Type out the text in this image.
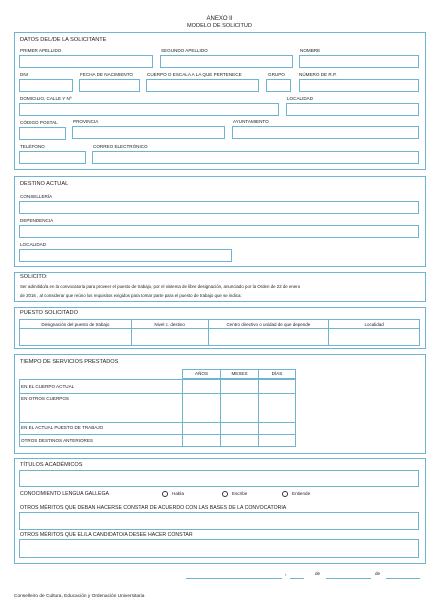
ANEXO II
MODELO DE SOLICITUD
DATOS DEL/DE LA SOLICITANTE
PRIMER APELLIDO	SEGUNDO APELLIDO	NOMBRE
DNI	FECHA DE NACIMIENTO	CUERPO O ESCALA A LA QUE PERTENECE	GRUPO	NÚMERO DE R.P.
DOMICILIO, CALLE Y Nº	LOCALIDAD
CÓDIGO POSTAL	PROVINCIA	AYUNTAMIENTO
TELÉFONO	CORREO ELECTRÓNICO
DESTINO ACTUAL
CONSELLERÍA
DEPENDENCIA
LOCALIDAD
SOLICITO:
Ser admitido/a en la convocatoria para proveer el puesto de trabajo, por el sistema de libre designación, anunciado por la Orden de 22 de enero
de 2016 , al considerar que reúno los requisitos exigidos para tomar parte para el puesto de trabajo que se indica:
PUESTO SOLICITADO
Designación del puesto de trabajo	Nivel c. destino	Centro directivo o unidad de que depende	Localidad

TIEMPO DE SERVICIOS PRESTADOS
AÑOS	MESES	DÍAS
EN EL CUERPO ACTUAL
EN OTROS CUERPOS
EN EL ACTUAL PUESTO DE TRABAJO
OTROS DESTINOS ANTERIORES
TÍTULOS ACADÉMICOS
CONOCIMIENTO LENGUA GALLEGA	Habla	Escribe	Entiende
OTROS MÉRITOS QUE DEBAN HACERSE CONSTAR DE ACUERDO CON LAS BASES DE LA CONVOCATORIA
OTROS MÉRITOS QUE EL/LA CANDIDATO/A DESEE HACER CONSTAR
,	de	de
Conselleiro de Cultura, Educación y Ordenación Universitaria
